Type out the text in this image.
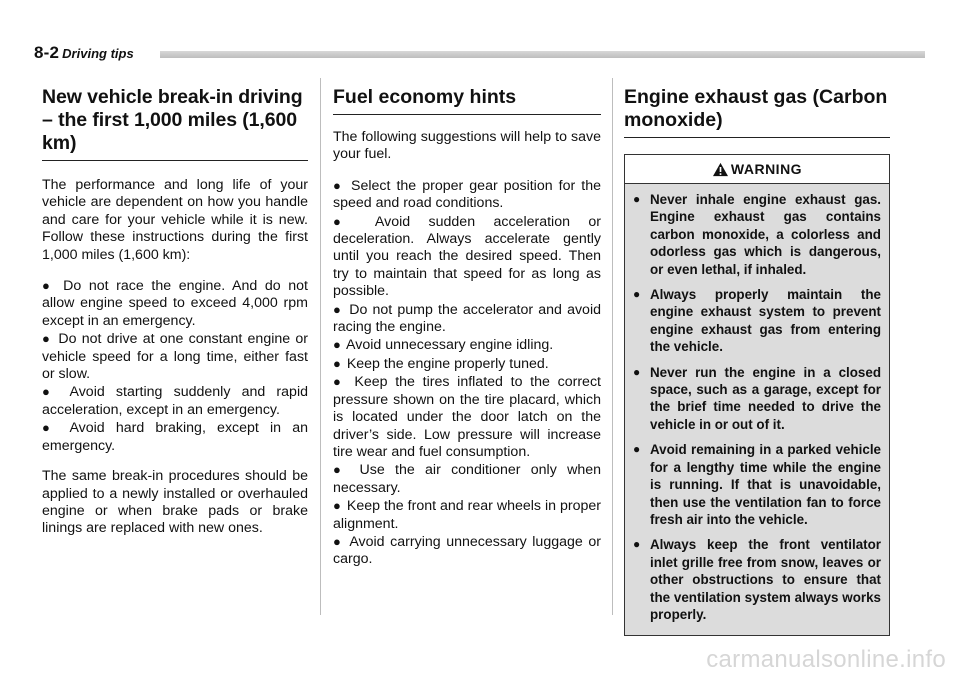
8-2 Driving tips
New vehicle break-in driving – the first 1,000 miles (1,600 km)

The performance and long life of your vehicle are dependent on how you handle and care for your vehicle while it is new. Follow these instructions during the first 1,000 miles (1,600 km):

● Do not race the engine. And do not allow engine speed to exceed 4,000 rpm except in an emergency.
● Do not drive at one constant engine or vehicle speed for a long time, either fast or slow.
● Avoid starting suddenly and rapid acceleration, except in an emergency.
● Avoid hard braking, except in an emergency.

The same break-in procedures should be applied to a newly installed or overhauled engine or when brake pads or brake linings are replaced with new ones.

Fuel economy hints

The following suggestions will help to save your fuel.

● Select the proper gear position for the speed and road conditions.
● Avoid sudden acceleration or deceleration. Always accelerate gently until you reach the desired speed. Then try to maintain that speed for as long as possible.
● Do not pump the accelerator and avoid racing the engine.
● Avoid unnecessary engine idling.
● Keep the engine properly tuned.
● Keep the tires inflated to the correct pressure shown on the tire placard, which is located under the door latch on the driver’s side. Low pressure will increase tire wear and fuel consumption.
● Use the air conditioner only when necessary.
● Keep the front and rear wheels in proper alignment.
● Avoid carrying unnecessary luggage or cargo.
Engine exhaust gas (Carbon monoxide)
WARNING
● Never inhale engine exhaust gas. Engine exhaust gas contains carbon monoxide, a colorless and odorless gas which is dangerous, or even lethal, if inhaled.
● Always properly maintain the engine exhaust system to prevent engine exhaust gas from entering the vehicle.
● Never run the engine in a closed space, such as a garage, except for the brief time needed to drive the vehicle in or out of it.
● Avoid remaining in a parked vehicle for a lengthy time while the engine is running. If that is unavoidable, then use the ventilation fan to force fresh air into the vehicle.
● Always keep the front ventilator inlet grille free from snow, leaves or other obstructions to ensure that the ventilation system always works properly.
carmanualsonline.info
